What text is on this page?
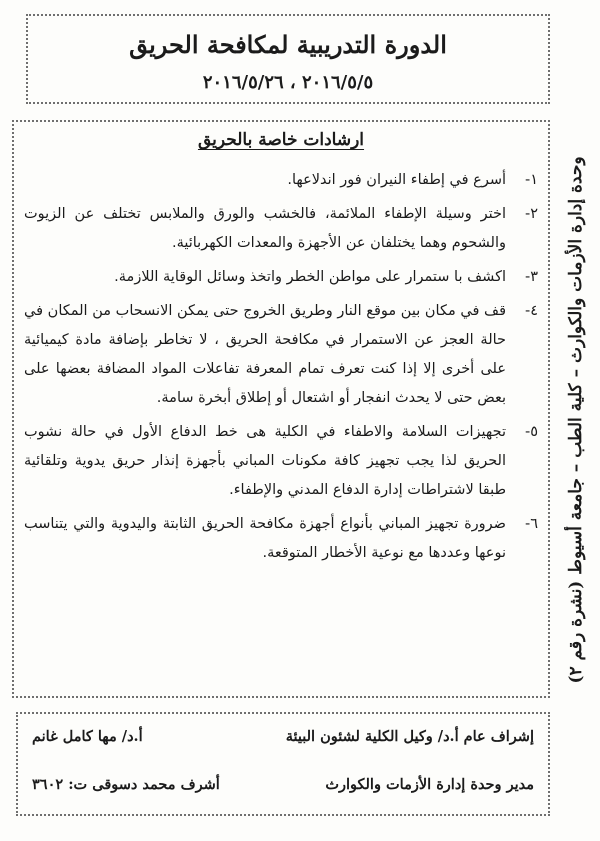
الدورة التدريبية لمكافحة الحريق
٢٠١٦/٥/٥ ، ٢٠١٦/٥/٢٦
ارشادات خاصة بالحريق
١-
أسرع في إطفاء النيران فور اندلاعها.
٢-
اختر وسيلة الإطفاء الملائمة، فالخشب والورق والملابس تختلف عن الزيوت والشحوم وهما يختلفان عن الأجهزة والمعدات الكهربائية.
٣-
اكشف با ستمرار على مواطن الخطر واتخذ وسائل الوقاية اللازمة.
٤-
قف في مكان بين موقع النار وطريق الخروج حتى يمكن الانسحاب من المكان في حالة العجز عن الاستمرار في مكافحة الحريق ، لا تخاطر بإضافة مادة كيميائية على أخرى إلا إذا كنت تعرف تمام المعرفة تفاعلات المواد المضافة بعضها على بعض حتى لا يحدث انفجار أو اشتعال أو إطلاق أبخرة سامة.
٥-
تجهيزات السلامة والاطفاء في الكلية هى خط الدفاع الأول في حالة نشوب الحريق لذا يجب تجهيز كافة مكونات المباني بأجهزة إنذار حريق يدوية وتلقائية طبقا لاشتراطات إدارة الدفاع المدني والإطفاء.
٦-
ضرورة تجهيز المباني بأنواع أجهزة مكافحة الحريق الثابتة واليدوية والتي يتناسب نوعها وعددها مع نوعية الأخطار المتوقعة.
إشراف عام أ.د/ وكيل الكلية لشئون البيئة
أ.د/ مها كامل غانم
مدير وحدة إدارة الأزمات والكوارث
أشرف محمد دسوقى ت: ٣٦٠٢
وحدة إدارة الأزمات والكوارث – كلية الطب – جامعة أسيوط (نشرة رقم ٢)
